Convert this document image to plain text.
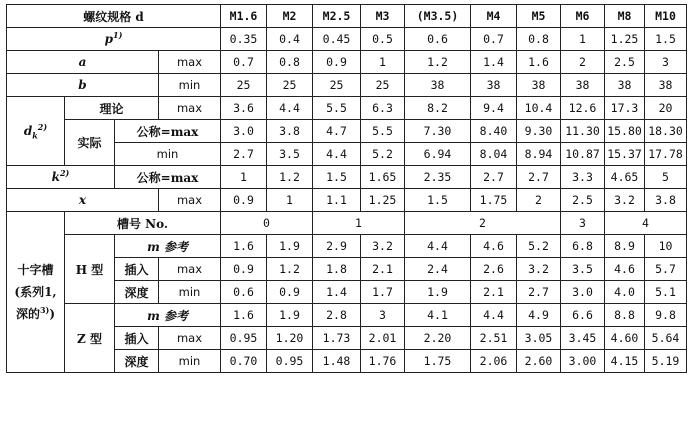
螺纹规格 d				M1.6	M2	M2.5	M3	(M3.5)	M4	M5	M6	M8	M10
$p^{1)}$				0.35	0.4	0.45	0.5	0.6	0.7	0.8	1	1.25	1.5
a			max	0.7	0.8	0.9	1	1.2	1.4	1.6	2	2.5	3
b			min	25	25	25	25	38	38	38	38	38	38
$d_k^{2)}$	理论		max	3.6	4.4	5.5	6.3	8.2	9.4	10.4	12.6	17.3	20
	实际	公称=max		3.0	3.8	4.7	5.5	7.30	8.40	9.30	11.30	15.80	18.30
		min		2.7	3.5	4.4	5.2	6.94	8.04	8.94	10.87	15.37	17.78
$k^{2)}$		公称=max		1	1.2	1.5	1.65	2.35	2.7	2.7	3.3	4.65	5
x			max	0.9	1	1.1	1.25	1.5	1.75	2	2.5	3.2	3.8
十字槽
(系列1,
深的$^{3)}$)	槽号 No.			0		1		2			3	4	
	H 型	m 参考		1.6	1.9	2.9	3.2	4.4	4.6	5.2	6.8	8.9	10
		插入	max	0.9	1.2	1.8	2.1	2.4	2.6	3.2	3.5	4.6	5.7
		深度	min	0.6	0.9	1.4	1.7	1.9	2.1	2.7	3.0	4.0	5.1
	Z 型	m 参考		1.6	1.9	2.8	3	4.1	4.4	4.9	6.6	8.8	9.8
		插入	max	0.95	1.20	1.73	2.01	2.20	2.51	3.05	3.45	4.60	5.64
		深度	min	0.70	0.95	1.48	1.76	1.75	2.06	2.60	3.00	4.15	5.19
